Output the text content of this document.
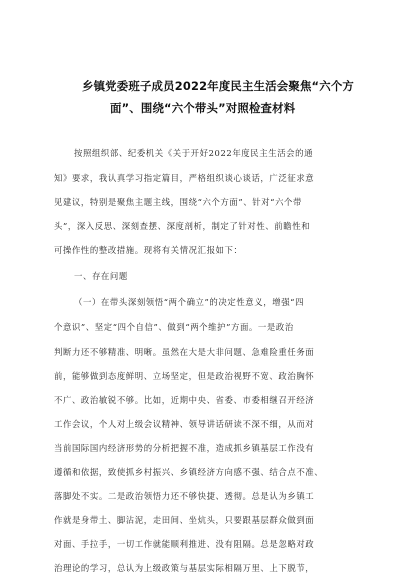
乡镇党委班子成员2022年度民主生活会聚焦“六个方
面”、围绕“六个带头”对照检查材料
按照组织部、纪委机关《关于开好2022年度民主生活会的通
知》要求，我认真学习指定篇目，严格组织谈心谈话，广泛征求意
见建议，特别是聚焦主题主线，围绕“六个方面”、针对“六个带
头”，深入反思、深刻查摆、深度剖析，制定了针对性、前瞻性和
可操作性的整改措施。现将有关情况汇报如下：
一、存在问题
（一）在带头深刻领悟“两个确立”的决定性意义，增强“四
个意识”、坚定“四个自信”、做到“两个维护”方面。一是政治
判断力还不够精准、明晰。虽然在大是大非问题、急难险重任务面
前，能够做到态度鲜明、立场坚定，但是政治视野不宽、政治胸怀
不广、政治敏锐不够。比如，近期中央、省委、市委相继召开经济
工作会议，个人对上级会议精神、领导讲话研读不深不细，从而对
当前国际国内经济形势的分析把握不准，造成抓乡镇基层工作没有
遵循和依据，致使抓乡村振兴、乡镇经济方向感不强、结合点不准、
落脚处不实。二是政治领悟力还不够快捷、透彻。总是认为乡镇工
作就是身带土、脚沾泥，走田间、坐炕头，只要跟基层群众做到面
对面、手拉手，一切工作就能顺利推进、没有阻隔。总是忽略对政
治理论的学习，总认为上级政策与基层实际相隔万里、上下脱节，
